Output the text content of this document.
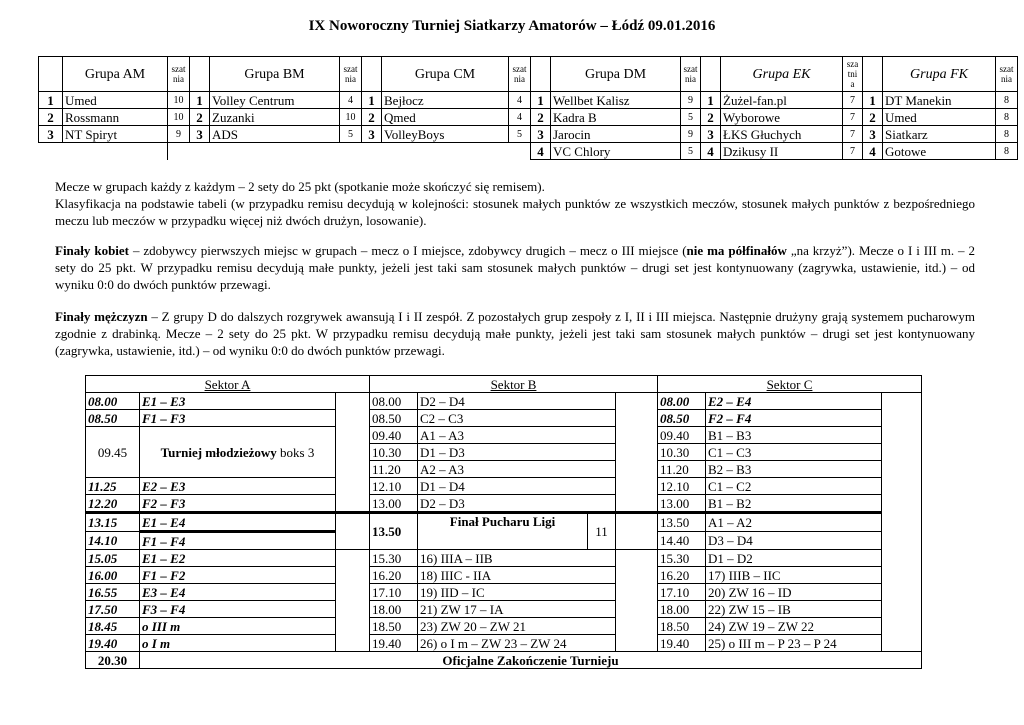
IX Noworoczny Turniej Siatkarzy Amatorów – Łódź 09.01.2016
	Grupa AM	szat nia		Grupa BM	szat nia		Grupa CM	szat nia		Grupa DM	szat nia		Grupa EK	sza tni a		Grupa FK	szat nia
1	Umed	10	1	Volley Centrum	4	1	Bejłocz	4	1	Wellbet Kalisz	9	1	Żużel-fan.pl	7	1	DT Manekin	8
2	Rossmann	10	2	Zuzanki	10	2	Qmed	4	2	Kadra B	5	2	Wyborowe	7	2	Umed	8
3	NT Spiryt	9	3	ADS	5	3	VolleyBoys	5	3	Jarocin	9	3	ŁKS Głuchych	7	3	Siatkarz	8
									4	VC Chlory	5	4	Dzikusy II	7	4	Gotowe	8

Mecze w grupach każdy z każdym – 2 sety do 25 pkt (spotkanie może skończyć się remisem).

Klasyfikacja na podstawie tabeli (w przypadku remisu decydują w kolejności: stosunek małych punktów ze wszystkich meczów, stosunek małych punktów z bezpośredniego meczu lub meczów w przypadku więcej niż dwóch drużyn, losowanie).

Finały kobiet – zdobywcy pierwszych miejsc w grupach – mecz o I miejsce, zdobywcy drugich – mecz o III miejsce (nie ma półfinałów „na krzyż”). Mecze o I i III m. – 2 sety do 25 pkt. W przypadku remisu decydują małe punkty, jeżeli jest taki sam stosunek małych punktów – drugi set jest kontynuowany (zagrywka, ustawienie, itd.) – od wyniku 0:0 do dwóch punktów przewagi.

Finały mężczyzn – Z grupy D do dalszych rozgrywek awansują I i II zespół. Z pozostałych grup zespoły z I, II i III miejsca. Następnie drużyny grają systemem pucharowym zgodnie z drabinką. Mecze – 2 sety do 25 pkt. W przypadku remisu decydują małe punkty, jeżeli jest taki sam stosunek małych punktów – drugi set jest kontynuowany (zagrywka, ustawienie, itd.) – od wyniku 0:0 do dwóch punktów przewagi.

Sektor A			Sektor B				Sektor C		
08.00	E1 – E3		08.00	D2 – D4			08.00	E2 – E4	
08.50	F1 – F3		08.50	C2 – C3			08.50	F2 – F4	
09.45	Turniej młodzieżowy boks 3		09.40	A1 – A3			09.40	B1 – B3	
			10.30	D1 – D3			10.30	C1 – C3	
			11.20	A2 – A3			11.20	B2 – B3	
11.25	E2 – E3		12.10	D1 – D4			12.10	C1 – C2	
12.20	F2 – F3		13.00	D2 – D3			13.00	B1 – B2	
13.15	E1 – E4		13.50	Finał Pucharu Ligi	11		13.50	A1 – A2	
14.10	F1 – F4						14.40	D3 – D4	
15.05	E1 – E2		15.30	16) IIIA – IIB			15.30	D1 – D2	
16.00	F1 – F2		16.20	18) IIIC - IIA			16.20	17) IIIB – IIC	
16.55	E3 – E4		17.10	19) IID – IC			17.10	20) ZW 16 – ID	
17.50	F3 – F4		18.00	21) ZW 17 – IA			18.00	22) ZW 15 – IB	
18.45	o III m		18.50	23) ZW 20 – ZW 21			18.50	24) ZW 19 – ZW 22	
19.40	o I m		19.40	26) o I m – ZW 23 – ZW 24			19.40	25) o III m – P 23 – P 24	
20.30	Oficjalne Zakończenie Turnieju								
